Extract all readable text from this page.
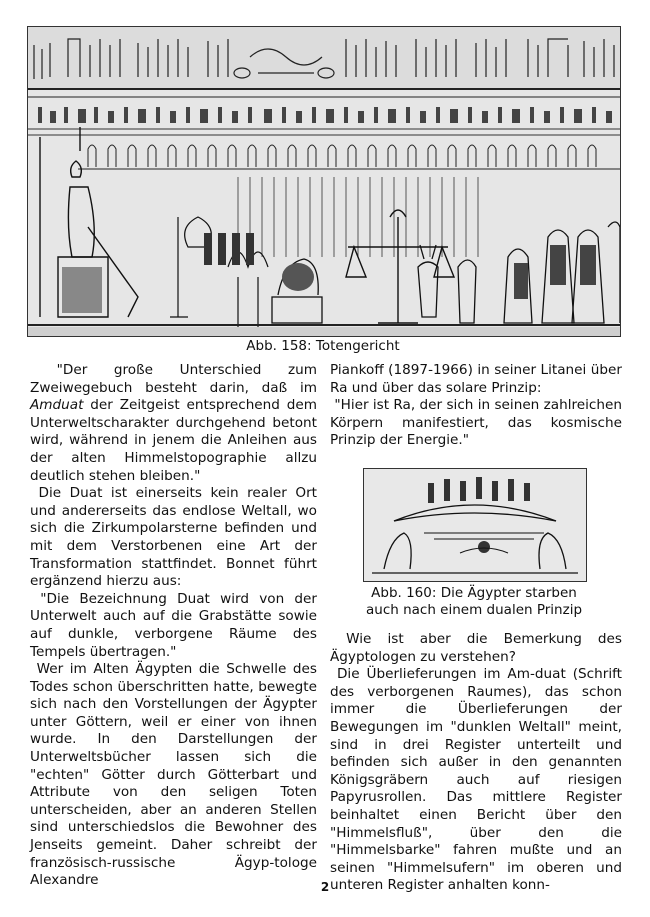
Abb. 158: Totengericht

"Der große Unterschied zum Zweiwegebuch besteht darin, daß im Amduat der Zeitgeist entsprechend dem Unterweltscharakter durchgehend betont wird, während in jenem die Anleihen aus der alten Himmelstopographie allzu deutlich stehen bleiben."

Die Duat ist einerseits kein realer Ort und andererseits das endlose Weltall, wo sich die Zirkumpolarsterne befinden und mit dem Verstorbenen eine Art der Transformation stattfindet. Bonnet führt ergänzend hierzu aus:

"Die Bezeichnung Duat wird von der Unterwelt auch auf die Grabstätte sowie auf dunkle, verborgene Räume des Tempels übertragen."

Wer im Alten Ägypten die Schwelle des Todes schon überschritten hatte, bewegte sich nach den Vorstellungen der Ägypter unter Göttern, weil er einer von ihnen wurde. In den Darstellungen der Unterweltsbücher lassen sich die "echten" Götter durch Götterbart und Attribute von den seligen Toten unterscheiden, aber an anderen Stellen sind unterschiedslos die Bewohner des Jenseits gemeint. Daher schreibt der französisch-russische Ägyp-tologe Alexandre

Piankoff (1897-1966) in seiner Litanei über Ra und über das solare Prinzip:

"Hier ist Ra, der sich in seinen zahlreichen Körpern manifestiert, das kosmische Prinzip der Energie."

Abb. 160: Die Ägypter starben
auch nach einem dualen Prinzip

Wie ist aber die Bemerkung des Ägyptologen zu verstehen?

Die Überlieferungen im Am-duat (Schrift des verborgenen Raumes), das schon immer die Überlieferungen der Bewegungen im "dunklen Weltall" meint, sind in drei Register unterteilt und befinden sich außer in den genannten Königsgräbern auch auf riesigen Papyrusrollen. Das mittlere Register beinhaltet einen Bericht über den "Himmelsfluß", über den die "Himmelsbarke" fahren mußte und an seinen "Himmelsufern" im oberen und unteren Register anhalten konn-

2
